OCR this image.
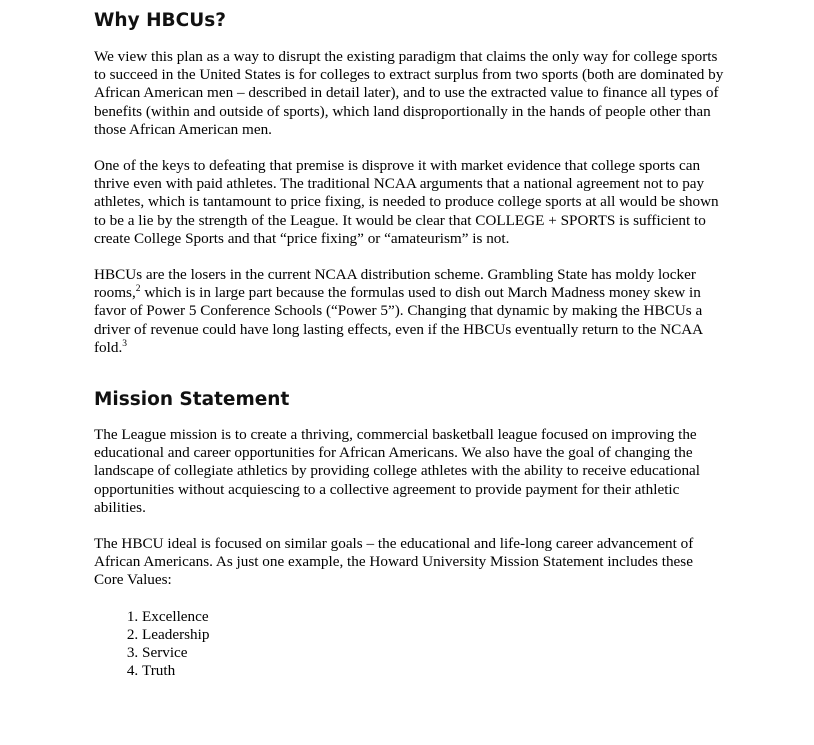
Why HBCUs?

We view this plan as a way to disrupt the existing paradigm that claims the only way for college sports to succeed in the United States is for colleges to extract surplus from two sports (both are dominated by African American men – described in detail later), and to use the extracted value to finance all types of benefits (within and outside of sports), which land disproportionally in the hands of people other than those African American men.

One of the keys to defeating that premise is disprove it with market evidence that college sports can thrive even with paid athletes. The traditional NCAA arguments that a national agreement not to pay athletes, which is tantamount to price fixing, is needed to produce college sports at all would be shown to be a lie by the strength of the League. It would be clear that COLLEGE + SPORTS is sufficient to create College Sports and that “price fixing” or “amateurism” is not.

HBCUs are the losers in the current NCAA distribution scheme. Grambling State has moldy locker rooms,$^2$ which is in large part because the formulas used to dish out March Madness money skew in favor of Power 5 Conference Schools (“Power 5”). Changing that dynamic by making the HBCUs a driver of revenue could have long lasting effects, even if the HBCUs eventually return to the NCAA fold.$^3$

Mission Statement

The League mission is to create a thriving, commercial basketball league focused on improving the educational and career opportunities for African Americans. We also have the goal of changing the landscape of collegiate athletics by providing college athletes with the ability to receive educational opportunities without acquiescing to a collective agreement to provide payment for their athletic abilities.

The HBCU ideal is focused on similar goals – the educational and life-long career advancement of African Americans. As just one example, the Howard University Mission Statement includes these Core Values:

1. Excellence
2. Leadership
3. Service
4. Truth
